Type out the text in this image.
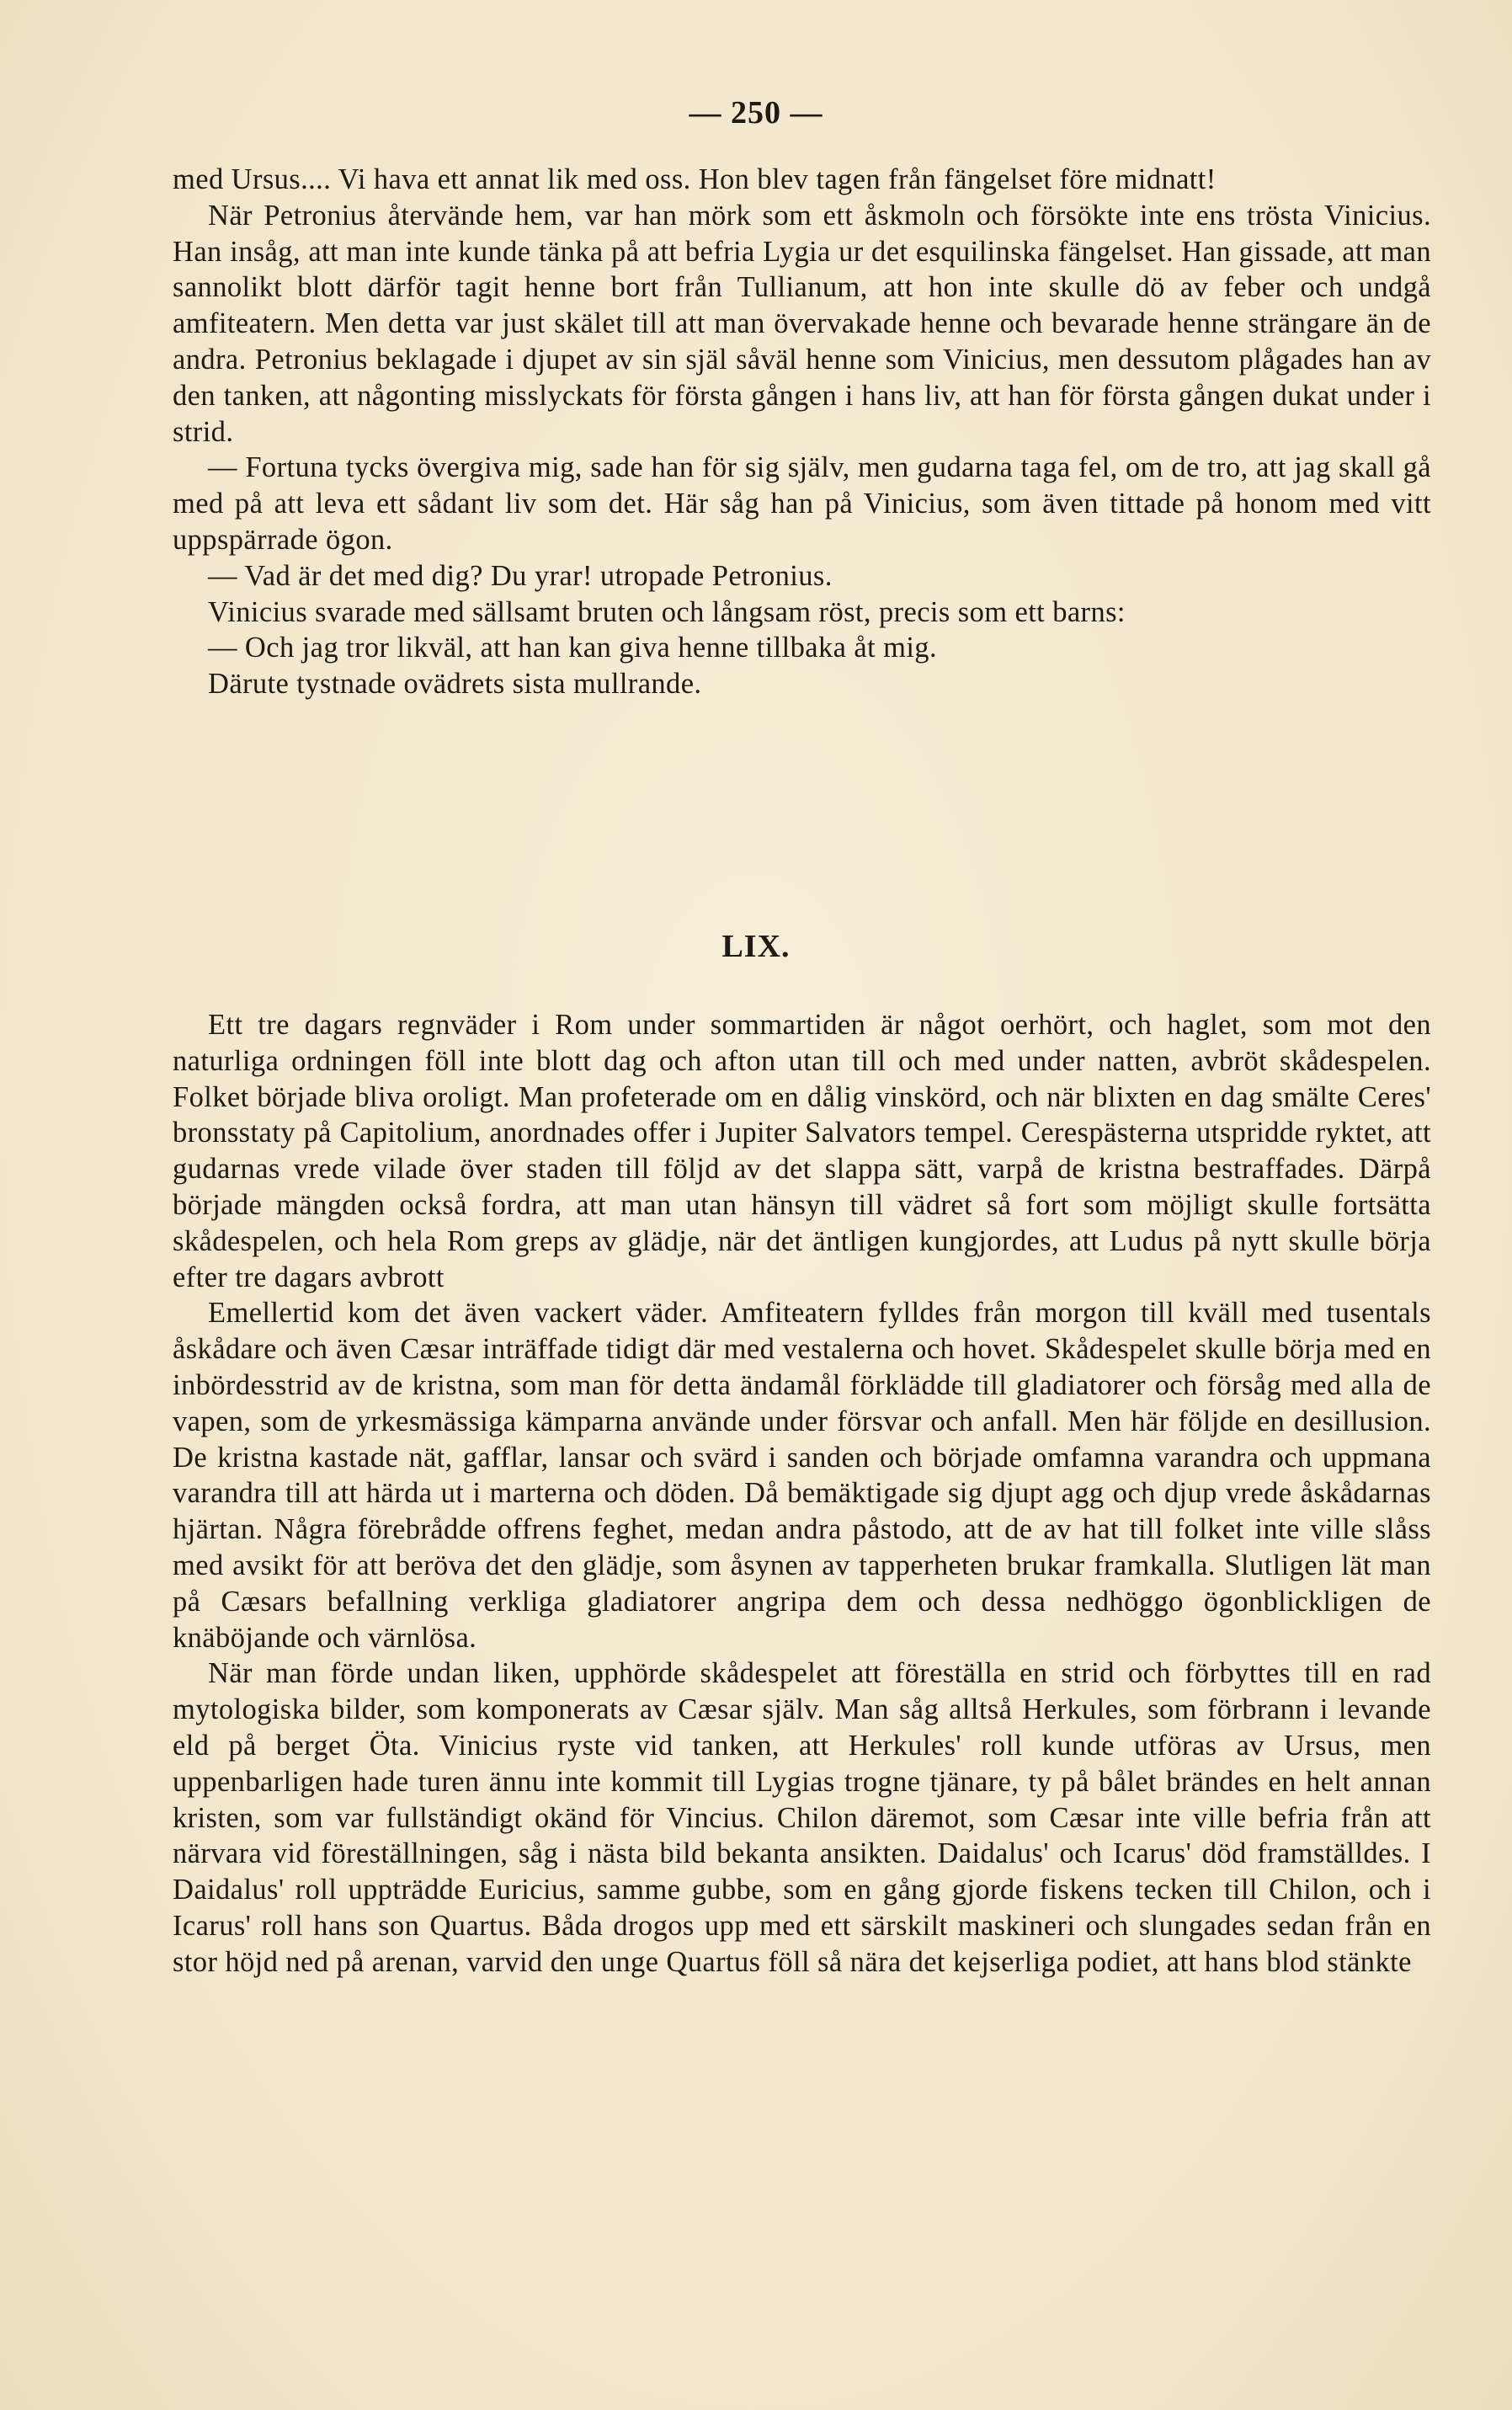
— 250 —

med Ursus.... Vi hava ett annat lik med oss. Hon blev tagen från fängelset före midnatt!

När Petronius återvände hem, var han mörk som ett åskmoln och försökte inte ens trösta Vinicius. Han insåg, att man inte kunde tänka på att befria Lygia ur det esquilinska fängelset. Han gissade, att man sannolikt blott därför tagit henne bort från Tullianum, att hon inte skulle dö av feber och undgå amfiteatern. Men detta var just skälet till att man övervakade henne och bevarade henne strängare än de andra. Petronius beklagade i djupet av sin själ såväl henne som Vinicius, men dessutom plågades han av den tanken, att någonting misslyckats för första gången i hans liv, att han för första gången dukat under i strid.

— Fortuna tycks övergiva mig, sade han för sig själv, men gudarna taga fel, om de tro, att jag skall gå med på att leva ett sådant liv som det. Här såg han på Vinicius, som även tittade på honom med vitt uppspärrade ögon.

— Vad är det med dig? Du yrar! utropade Petronius.

Vinicius svarade med sällsamt bruten och långsam röst, precis som ett barns:

— Och jag tror likväl, att han kan giva henne tillbaka åt mig.

Därute tystnade ovädrets sista mullrande.

LIX.

Ett tre dagars regnväder i Rom under sommartiden är något oerhört, och haglet, som mot den naturliga ordningen föll inte blott dag och afton utan till och med under natten, avbröt skådespelen. Folket började bliva oroligt. Man profeterade om en dålig vinskörd, och när blixten en dag smälte Ceres' bronsstaty på Capitolium, anordnades offer i Jupiter Salvators tempel. Cerespästerna utspridde ryktet, att gudarnas vrede vilade över staden till följd av det slappa sätt, varpå de kristna bestraffades. Därpå började mängden också fordra, att man utan hänsyn till vädret så fort som möjligt skulle fortsätta skådespelen, och hela Rom greps av glädje, när det äntligen kungjordes, att Ludus på nytt skulle börja efter tre dagars avbrott

Emellertid kom det även vackert väder. Amfiteatern fylldes från morgon till kväll med tusentals åskådare och även Cæsar inträffade tidigt där med vestalerna och hovet. Skådespelet skulle börja med en inbördesstrid av de kristna, som man för detta ändamål förklädde till gladiatorer och försåg med alla de vapen, som de yrkesmässiga kämparna använde under försvar och anfall. Men här följde en desillusion. De kristna kastade nät, gafflar, lansar och svärd i sanden och började omfamna varandra och uppmana varandra till att härda ut i marterna och döden. Då bemäktigade sig djupt agg och djup vrede åskådarnas hjärtan. Några förebrådde offrens feghet, medan andra påstodo, att de av hat till folket inte ville slåss med avsikt för att beröva det den glädje, som åsynen av tapperheten brukar framkalla. Slutligen lät man på Cæsars befallning verkliga gladiatorer angripa dem och dessa nedhöggo ögonblickligen de knäböjande och värnlösa.

När man förde undan liken, upphörde skådespelet att föreställa en strid och förbyttes till en rad mytologiska bilder, som komponerats av Cæsar själv. Man såg alltså Herkules, som förbrann i levande eld på berget Öta. Vinicius ryste vid tanken, att Herkules' roll kunde utföras av Ursus, men uppenbarligen hade turen ännu inte kommit till Lygias trogne tjänare, ty på bålet brändes en helt annan kristen, som var fullständigt okänd för Vincius. Chilon däremot, som Cæsar inte ville befria från att närvara vid föreställningen, såg i nästa bild bekanta ansikten. Daidalus' och Icarus' död framställdes. I Daidalus' roll uppträdde Euricius, samme gubbe, som en gång gjorde fiskens tecken till Chilon, och i Icarus' roll hans son Quartus. Båda drogos upp med ett särskilt maskineri och slungades sedan från en stor höjd ned på arenan, varvid den unge Quartus föll så nära det kejserliga podiet, att hans blod stänkte
